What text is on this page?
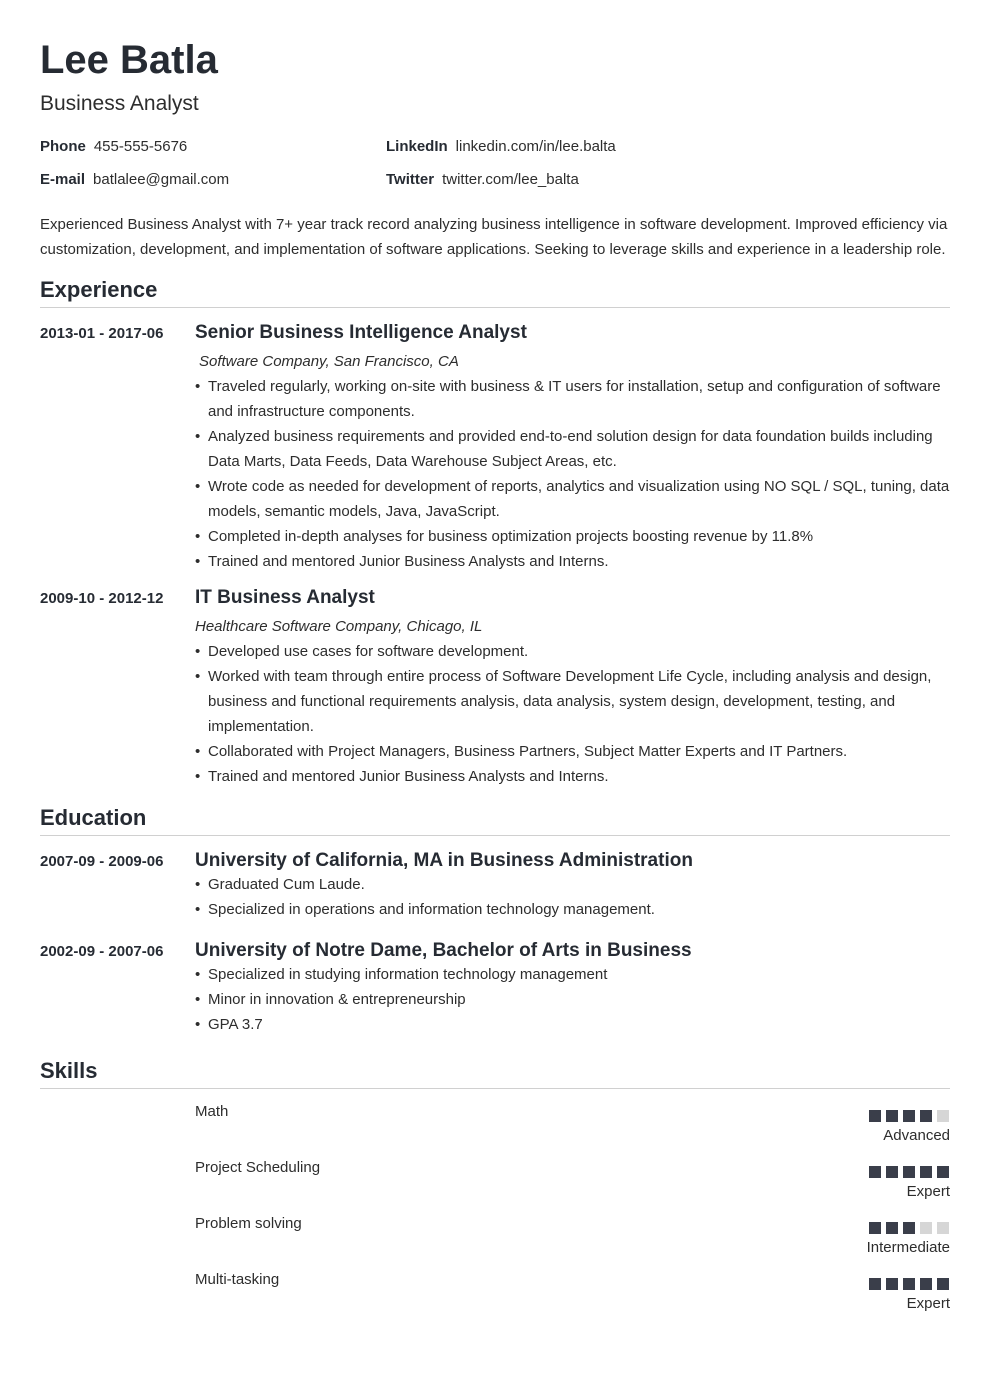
Lee Batla
Business Analyst
Phone 455-555-5676
E-mail batlalee@gmail.com
LinkedIn linkedin.com/in/lee.balta
Twitter twitter.com/lee_balta
Experienced Business Analyst with 7+ year track record analyzing business intelligence in software development. Improved efficiency via customization, development, and implementation of software applications. Seeking to leverage skills and experience in a leadership role.
Experience
2013-01 - 2017-06 Senior Business Intelligence Analyst
Software Company, San Francisco, CA
• Traveled regularly, working on-site with business & IT users for installation, setup and configuration of software and infrastructure components.
• Analyzed business requirements and provided end-to-end solution design for data foundation builds including Data Marts, Data Feeds, Data Warehouse Subject Areas, etc.
• Wrote code as needed for development of reports, analytics and visualization using NO SQL / SQL, tuning, data models, semantic models, Java, JavaScript.
• Completed in-depth analyses for business optimization projects boosting revenue by 11.8%
• Trained and mentored Junior Business Analysts and Interns.
2009-10 - 2012-12 IT Business Analyst
Healthcare Software Company, Chicago, IL
• Developed use cases for software development.
• Worked with team through entire process of Software Development Life Cycle, including analysis and design, business and functional requirements analysis, data analysis, system design, development, testing, and implementation.
• Collaborated with Project Managers, Business Partners, Subject Matter Experts and IT Partners.
• Trained and mentored Junior Business Analysts and Interns.
Education
2007-09 - 2009-06 University of California, MA in Business Administration
• Graduated Cum Laude.
• Specialized in operations and information technology management.
2002-09 - 2007-06 University of Notre Dame, Bachelor of Arts in Business
• Specialized in studying information technology management
• Minor in innovation & entrepreneurship
• GPA 3.7
Skills
Math
Advanced
Project Scheduling
Expert
Problem solving
Intermediate
Multi-tasking
Expert
